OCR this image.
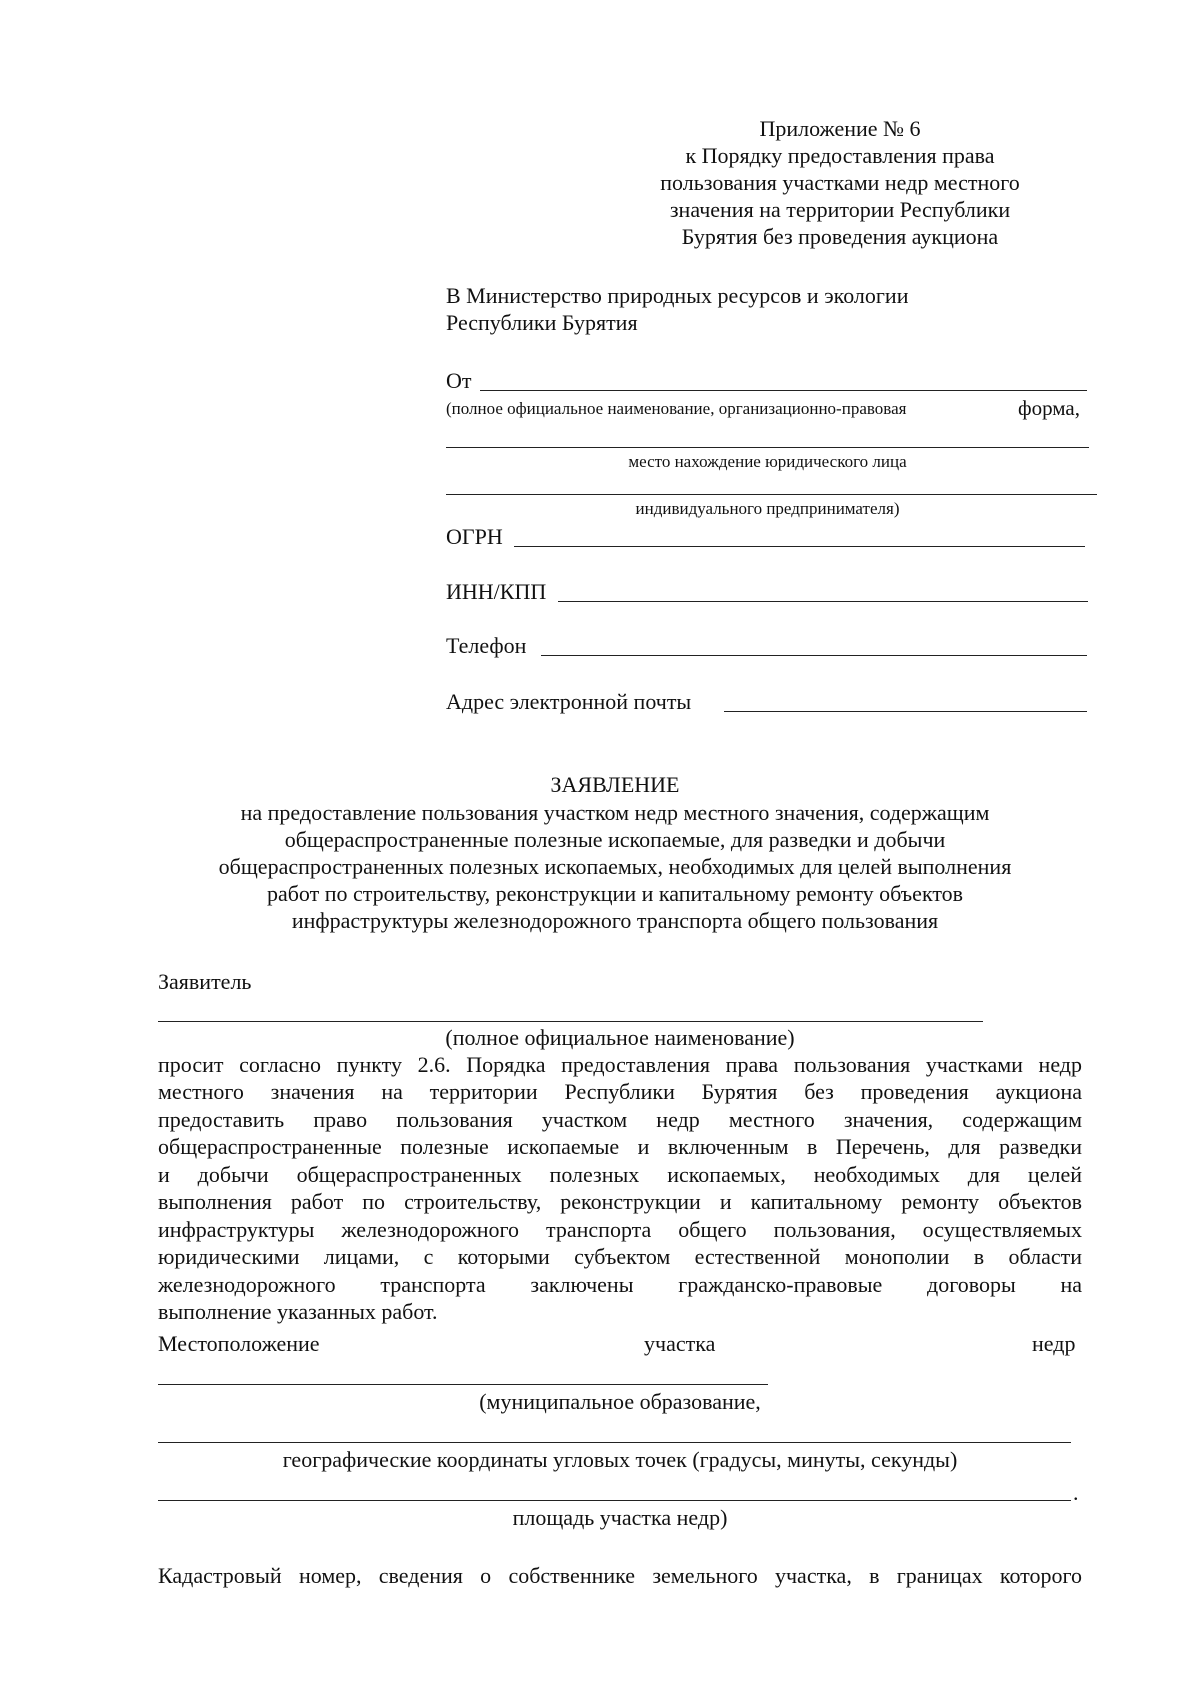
Приложение № 6
к Порядку предоставления права
пользования участками недр местного
значения на территории Республики
Бурятия без проведения аукциона
В Министерство природных ресурсов и экологии
Республики Бурятия
От
(полное официальное наименование, организационно-правовая	форма,
место нахождение юридического лица
индивидуального предпринимателя)
ОГРН
ИНН/КПП
Телефон
Адрес электронной почты
ЗАЯВЛЕНИЕ
на предоставление пользования участком недр местного значения, содержащим
общераспространенные полезные ископаемые, для разведки и добычи
общераспространенных полезных ископаемых, необходимых для целей выполнения
работ по строительству, реконструкции и капитальному ремонту объектов
инфраструктуры железнодорожного транспорта общего пользования
Заявитель
(полное официальное наименование)
просит согласно пункту 2.6. Порядка предоставления права пользования участками недр
местного значения на территории Республики Бурятия без проведения аукциона
предоставить право пользования участком недр местного значения, содержащим
общераспространенные полезные ископаемые и включенным в Перечень, для разведки
и добычи общераспространенных полезных ископаемых, необходимых для целей
выполнения работ по строительству, реконструкции и капитальному ремонту объектов
инфраструктуры железнодорожного транспорта общего пользования, осуществляемых
юридическими лицами, с которыми субъектом естественной монополии в области
железнодорожного транспорта заключены гражданско-правовые договоры на
выполнение указанных работ.
Местоположение	участка	недр
(муниципальное образование,
географические координаты угловых точек (градусы, минуты, секунды)
.
площадь участка недр)
Кадастровый номер, сведения о собственнике земельного участка, в границах которого
